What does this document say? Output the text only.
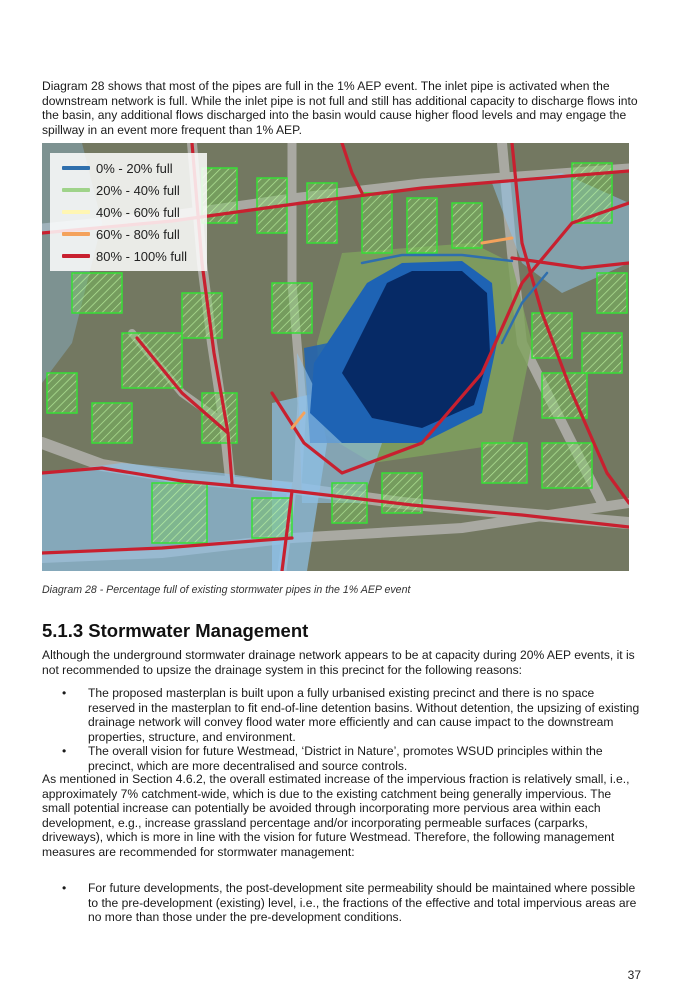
Diagram 28 shows that most of the pipes are full in the 1% AEP event. The inlet pipe is activated when the downstream network is full. While the inlet pipe is not full and still has additional capacity to discharge flows into the basin, any additional flows discharged into the basin would cause higher flood levels and may engage the spillway in an event more frequent than 1% AEP.

0% - 20% full
20% - 40% full
40% - 60% full
60% - 80% full
80% - 100% full

Diagram 28 - Percentage full of existing stormwater pipes in the 1% AEP event

5.1.3 Stormwater Management

Although the underground stormwater drainage network appears to be at capacity during 20% AEP events, it is not recommended to upsize the drainage system in this precinct for the following reasons:

• The proposed masterplan is built upon a fully urbanised existing precinct and there is no space reserved in the masterplan to fit end-of-line detention basins. Without detention, the upsizing of existing drainage network will convey flood water more efficiently and can cause impact to the downstream properties, structure, and environment.
• The overall vision for future Westmead, ‘District in Nature’, promotes WSUD principles within the precinct, which are more decentralised and source controls.

As mentioned in Section 4.6.2, the overall estimated increase of the impervious fraction is relatively small, i.e., approximately 7% catchment-wide, which is due to the existing catchment being generally impervious. The small potential increase can potentially be avoided through incorporating more pervious area within each development, e.g., increase grassland percentage and/or incorporating permeable surfaces (carparks, driveways), which is more in line with the vision for future Westmead. Therefore, the following management measures are recommended for stormwater management:

• For future developments, the post-development site permeability should be maintained where possible to the pre-development (existing) level, i.e., the fractions of the effective and total impervious areas are no more than those under the pre-development conditions.
37
